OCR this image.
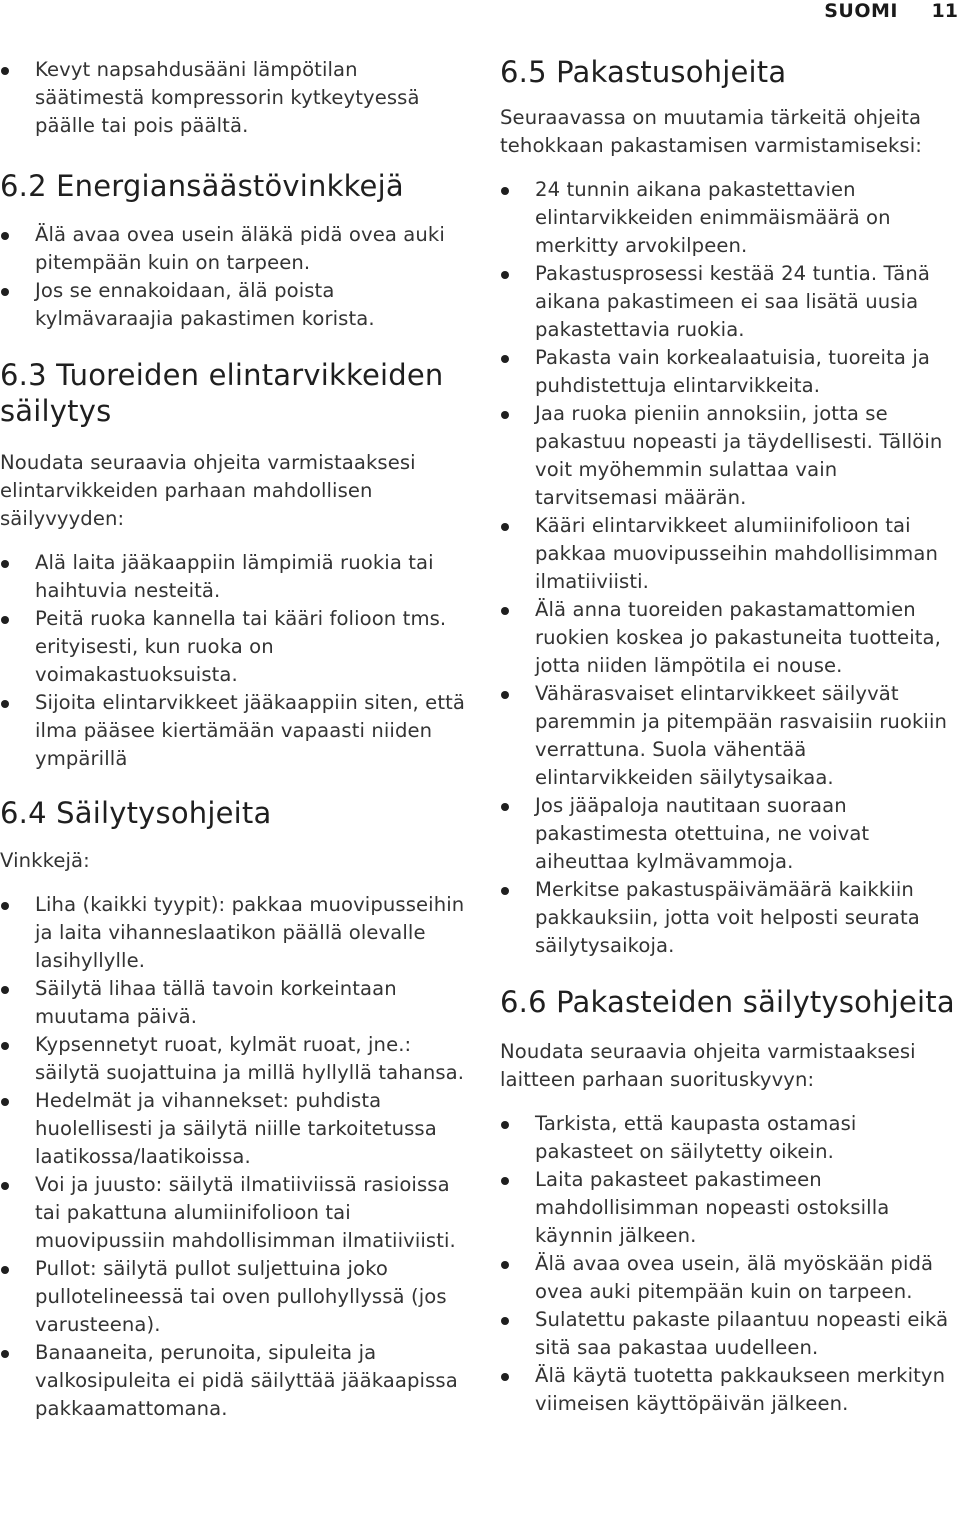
SUOMI 11
Kevyt napsahdusääni lämpötilan säätimestä kompressorin kytkeytyessä päälle tai pois päältä.
6.2 Energiansäästövinkkejä
Älä avaa ovea usein äläkä pidä ovea auki pitempään kuin on tarpeen.
Jos se ennakoidaan, älä poista kylmävaraajia pakastimen korista.
6.3 Tuoreiden elintarvikkeiden säilytys

Noudata seuraavia ohjeita varmistaaksesi elintarvikkeiden parhaan mahdollisen säilyvyyden:

Alä laita jääkaappiin lämpimiä ruokia tai haihtuvia nesteitä.
Peitä ruoka kannella tai kääri folioon tms. erityisesti, kun ruoka on voimakastuoksuista.
Sijoita elintarvikkeet jääkaappiin siten, että ilma pääsee kiertämään vapaasti niiden ympärillä
6.4 Säilytysohjeita

Vinkkejä:

Liha (kaikki tyypit): pakkaa muovipusseihin ja laita vihanneslaatikon päällä olevalle lasihyllylle.
Säilytä lihaa tällä tavoin korkeintaan muutama päivä.
Kypsennetyt ruoat, kylmät ruoat, jne.: säilytä suojattuina ja millä hyllyllä tahansa.
Hedelmät ja vihannekset: puhdista huolellisesti ja säilytä niille tarkoitetussa laatikossa/laatikoissa.
Voi ja juusto: säilytä ilmatiiviissä rasioissa tai pakattuna alumiinifolioon tai muovipussiin mahdollisimman ilmatiiviisti.
Pullot: säilytä pullot suljettuina joko pullotelineessä tai oven pullohyllyssä (jos varusteena).
Banaaneita, perunoita, sipuleita ja valkosipuleita ei pidä säilyttää jääkaapissa pakkaamattomana.
6.5 Pakastusohjeita

Seuraavassa on muutamia tärkeitä ohjeita tehokkaan pakastamisen varmistamiseksi:

24 tunnin aikana pakastettavien elintarvikkeiden enimmäismäärä on merkitty arvokilpeen.
Pakastusprosessi kestää 24 tuntia. Tänä aikana pakastimeen ei saa lisätä uusia pakastettavia ruokia.
Pakasta vain korkealaatuisia, tuoreita ja puhdistettuja elintarvikkeita.
Jaa ruoka pieniin annoksiin, jotta se pakastuu nopeasti ja täydellisesti. Tällöin voit myöhemmin sulattaa vain tarvitsemasi määrän.
Kääri elintarvikkeet alumiinifolioon tai pakkaa muovipusseihin mahdollisimman ilmatiiviisti.
Älä anna tuoreiden pakastamattomien ruokien koskea jo pakastuneita tuotteita, jotta niiden lämpötila ei nouse.
Vähärasvaiset elintarvikkeet säilyvät paremmin ja pitempään rasvaisiin ruokiin verrattuna. Suola vähentää elintarvikkeiden säilytysaikaa.
Jos jääpaloja nautitaan suoraan pakastimesta otettuina, ne voivat aiheuttaa kylmävammoja.
Merkitse pakastuspäivämäärä kaikkiin pakkauksiin, jotta voit helposti seurata säilytysaikoja.
6.6 Pakasteiden säilytysohjeita

Noudata seuraavia ohjeita varmistaaksesi laitteen parhaan suorituskyvyn:

Tarkista, että kaupasta ostamasi pakasteet on säilytetty oikein.
Laita pakasteet pakastimeen mahdollisimman nopeasti ostoksilla käynnin jälkeen.
Älä avaa ovea usein, älä myöskään pidä ovea auki pitempään kuin on tarpeen.
Sulatettu pakaste pilaantuu nopeasti eikä sitä saa pakastaa uudelleen.
Älä käytä tuotetta pakkaukseen merkityn viimeisen käyttöpäivän jälkeen.
